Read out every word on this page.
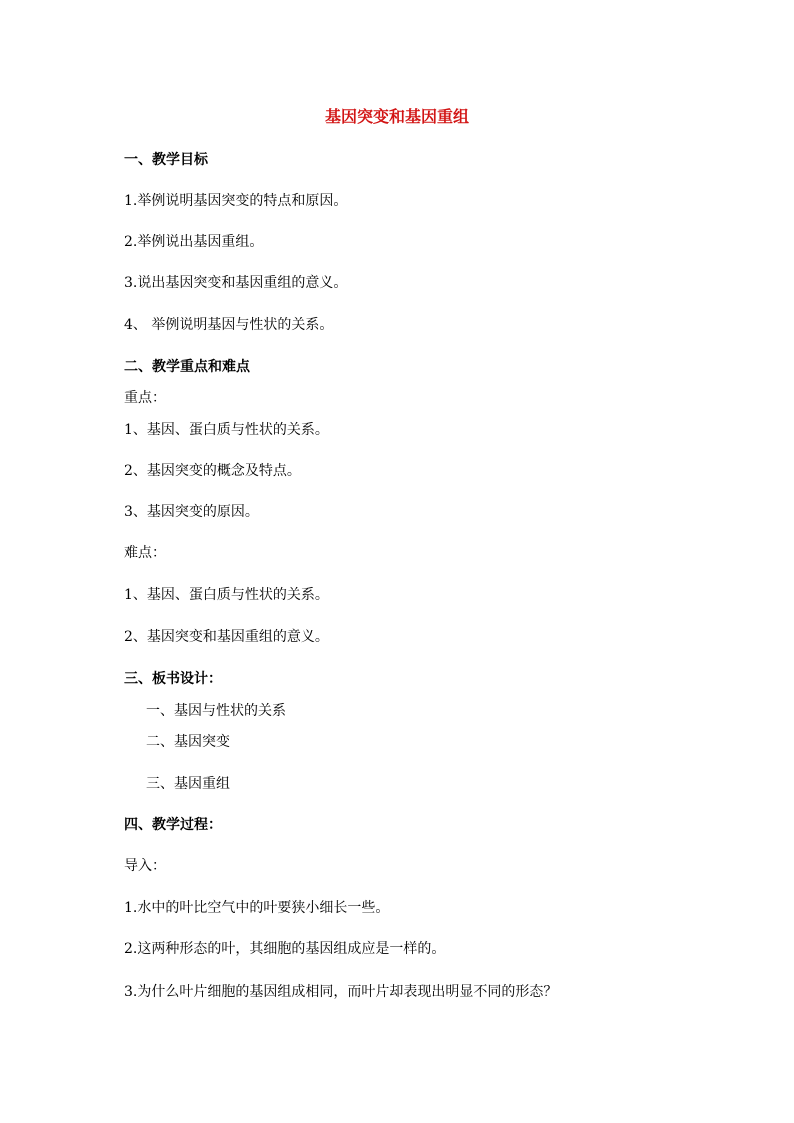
基因突变和基因重组
一、教学目标
1.举例说明基因突变的特点和原因。
2.举例说出基因重组。
3.说出基因突变和基因重组的意义。
4、 举例说明基因与性状的关系。
二、教学重点和难点
重点：
1、基因、蛋白质与性状的关系。
2、基因突变的概念及特点。
3、基因突变的原因。
难点：
1、基因、蛋白质与性状的关系。
2、基因突变和基因重组的意义。
三、板书设计：
一、基因与性状的关系
二、基因突变
三、基因重组
四、教学过程：
导入：
1.水中的叶比空气中的叶要狭小细长一些。
2.这两种形态的叶，其细胞的基因组成应是一样的。
3.为什么叶片细胞的基因组成相同，而叶片却表现出明显不同的形态？
